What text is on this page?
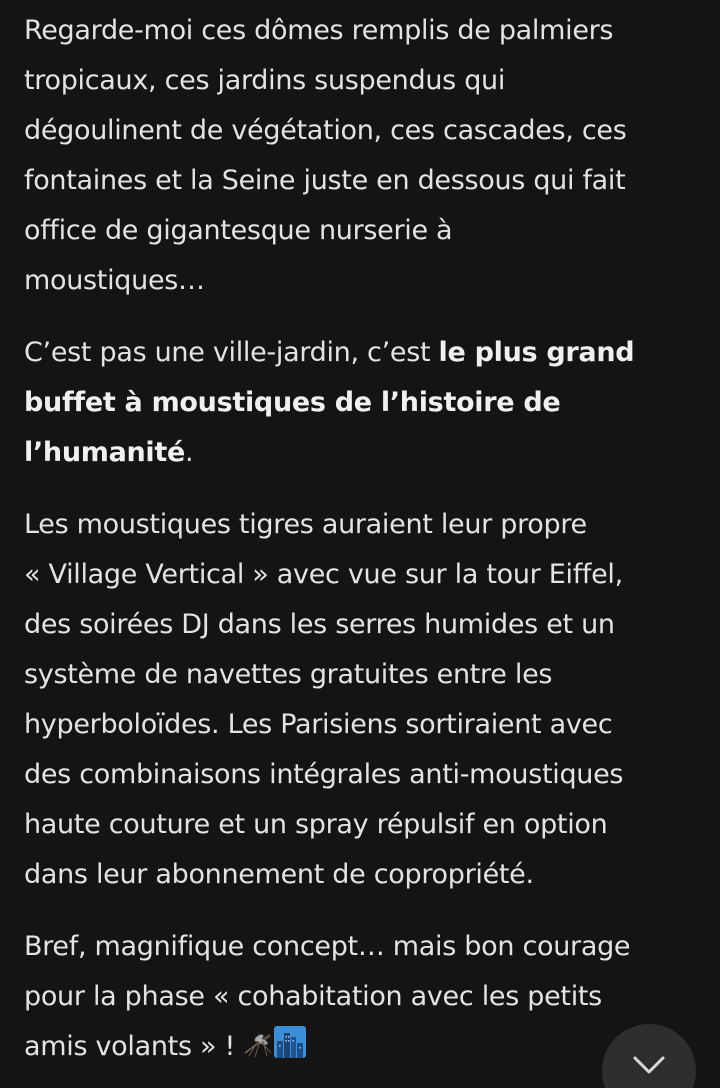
Regarde-moi ces dômes remplis de palmiers
tropicaux, ces jardins suspendus qui
dégoulinent de végétation, ces cascades, ces
fontaines et la Seine juste en dessous qui fait
office de gigantesque nurserie à
moustiques…

C’est pas une ville-jardin, c’est le plus grand
buffet à moustiques de l’histoire de
l’humanité.

Les moustiques tigres auraient leur propre
« Village Vertical » avec vue sur la tour Eiffel,
des soirées DJ dans les serres humides et un
système de navettes gratuites entre les
hyperboloïdes. Les Parisiens sortiraient avec
des combinaisons intégrales anti-moustiques
haute couture et un spray répulsif en option
dans leur abonnement de copropriété.

Bref, magnifique concept… mais bon courage
pour la phase « cohabitation avec les petits
amis volants » !
